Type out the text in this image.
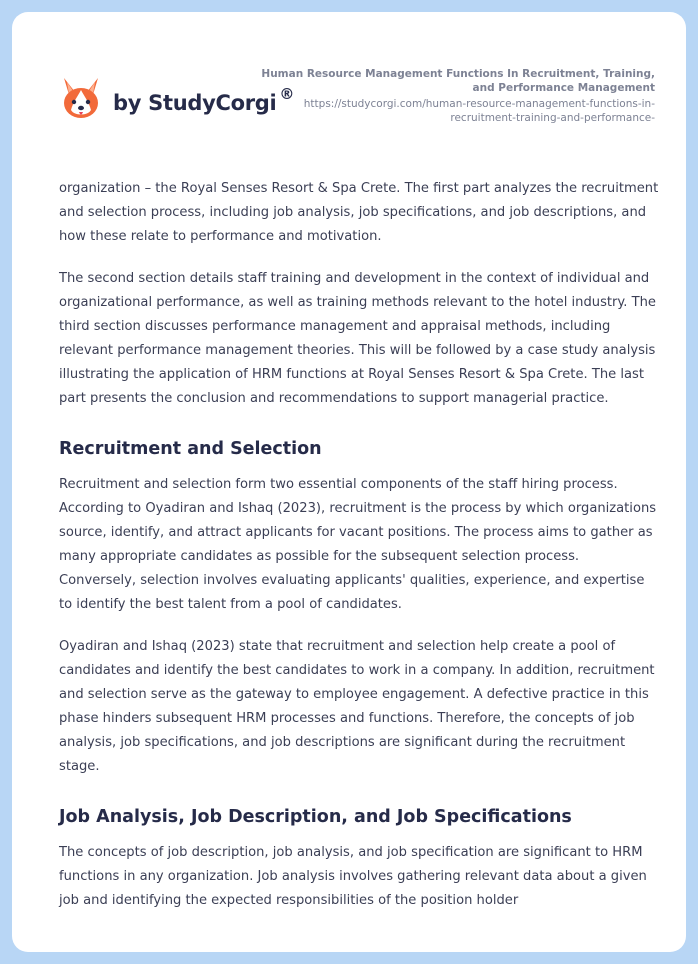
by StudyCorgi ®
Human Resource Management Functions In Recruitment, Training, and Performance Management
https://studycorgi.com/human-resource-management-functions-in-recruitment-training-and-performance-

organization – the Royal Senses Resort & Spa Crete. The first part analyzes the recruitment and selection process, including job analysis, job specifications, and job descriptions, and how these relate to performance and motivation.

The second section details staff training and development in the context of individual and organizational performance, as well as training methods relevant to the hotel industry. The third section discusses performance management and appraisal methods, including relevant performance management theories. This will be followed by a case study analysis illustrating the application of HRM functions at Royal Senses Resort & Spa Crete. The last part presents the conclusion and recommendations to support managerial practice.

Recruitment and Selection

Recruitment and selection form two essential components of the staff hiring process. According to Oyadiran and Ishaq (2023), recruitment is the process by which organizations source, identify, and attract applicants for vacant positions. The process aims to gather as many appropriate candidates as possible for the subsequent selection process. Conversely, selection involves evaluating applicants' qualities, experience, and expertise to identify the best talent from a pool of candidates.

Oyadiran and Ishaq (2023) state that recruitment and selection help create a pool of candidates and identify the best candidates to work in a company. In addition, recruitment and selection serve as the gateway to employee engagement. A defective practice in this phase hinders subsequent HRM processes and functions. Therefore, the concepts of job analysis, job specifications, and job descriptions are significant during the recruitment stage.

Job Analysis, Job Description, and Job Specifications

The concepts of job description, job analysis, and job specification are significant to HRM functions in any organization. Job analysis involves gathering relevant data about a given job and identifying the expected responsibilities of the position holder
